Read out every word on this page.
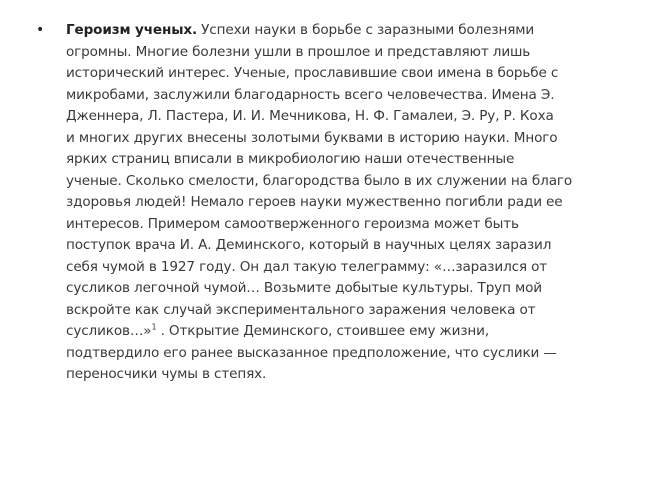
•	Героизм ученых. Успехи науки в борьбе с заразными болезнями
огромны. Многие болезни ушли в прошлое и представляют лишь
исторический интерес. Ученые, прославившие свои имена в борьбе с
микробами, заслужили благодарность всего человечества. Имена Э.
Дженнера, Л. Пастера, И. И. Мечникова, Н. Ф. Гамалеи, Э. Ру, Р. Коха
и многих других внесены золотыми буквами в историю науки. Много
ярких страниц вписали в микробиологию наши отечественные
ученые. Сколько смелости, благородства было в их служении на благо
здоровья людей! Немало героев науки мужественно погибли ради ее
интересов. Примером самоотверженного героизма может быть
поступок врача И. А. Деминского, который в научных целях заразил
себя чумой в 1927 году. Он дал такую телеграмму: «…заразился от
сусликов легочной чумой… Возьмите добытые культуры. Труп мой
вскройте как случай экспериментального заражения человека от
сусликов…»$^1$ . Открытие Деминского, стоившее ему жизни,
подтвердило его ранее высказанное предположение, что суслики —
переносчики чумы в степях.
